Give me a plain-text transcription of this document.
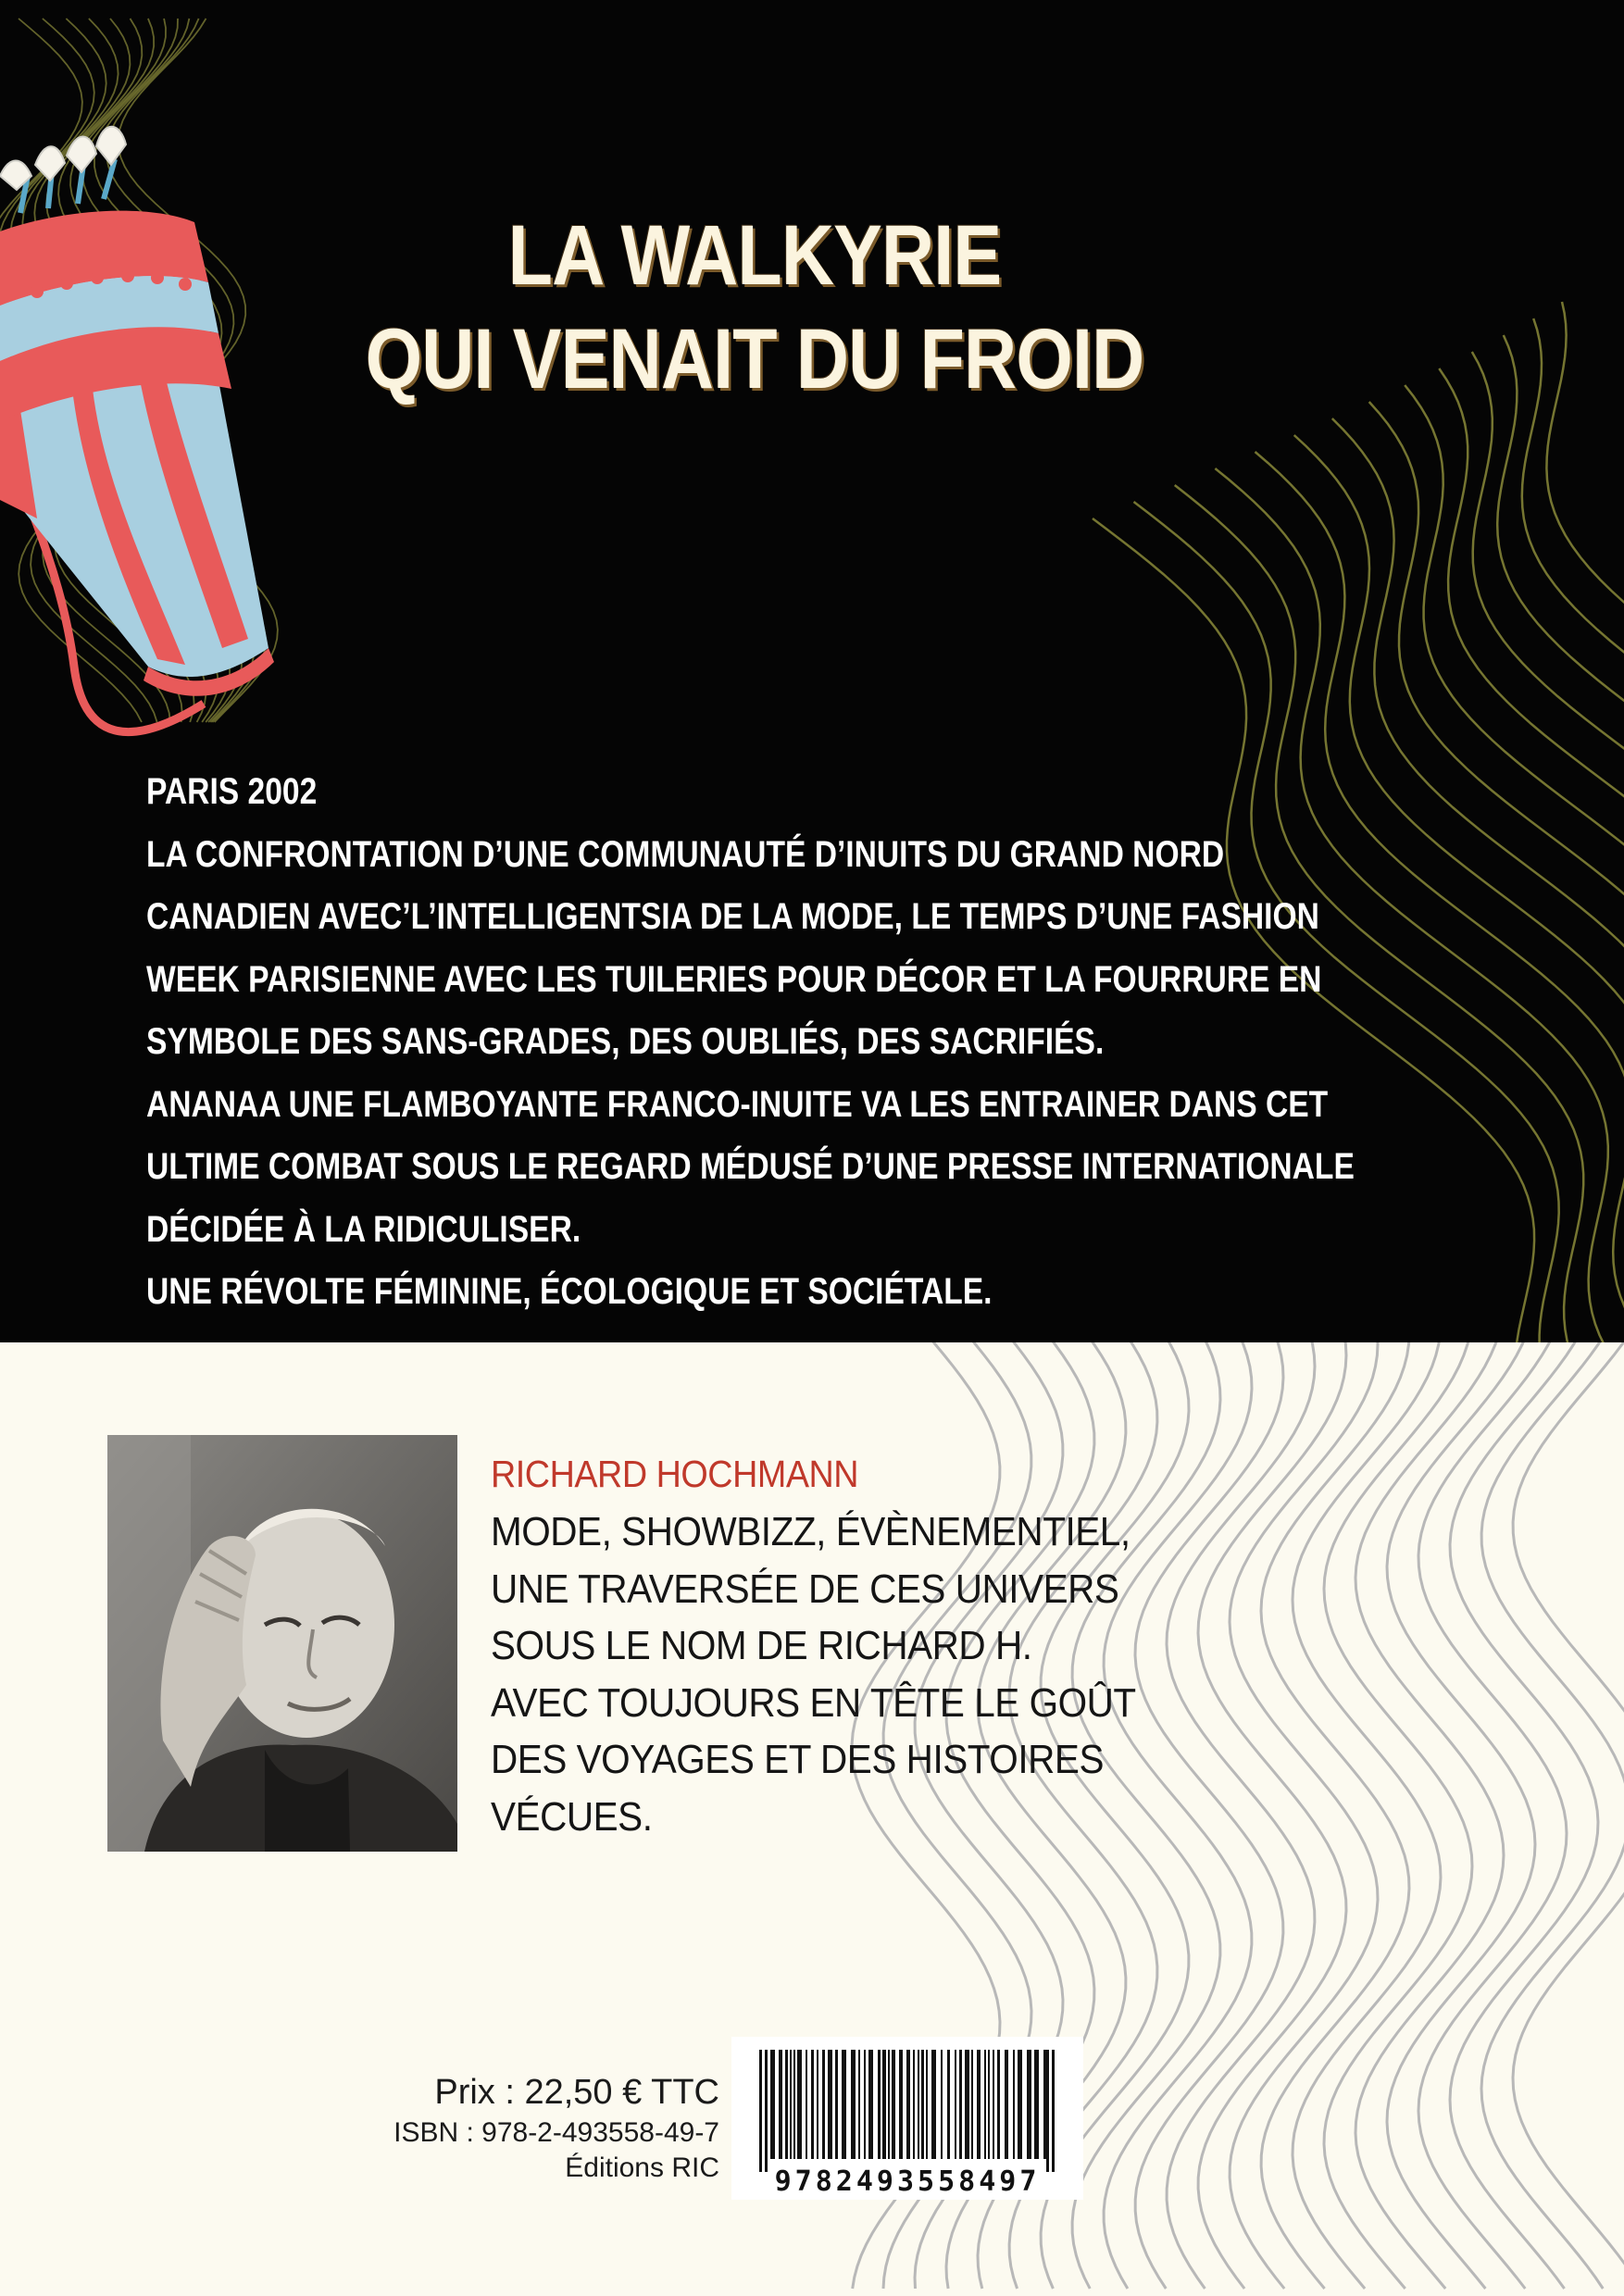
LA WALKYRIE
QUI VENAIT DU FROID
PARIS 2002
LA CONFRONTATION D’UNE COMMUNAUTÉ D’INUITS DU GRAND NORD
CANADIEN AVEC’L’INTELLIGENTSIA DE LA MODE, LE TEMPS D’UNE FASHION
WEEK PARISIENNE AVEC LES TUILERIES POUR DÉCOR ET LA FOURRURE EN
SYMBOLE DES SANS-GRADES, DES OUBLIÉS, DES SACRIFIÉS.
ANANAA UNE FLAMBOYANTE FRANCO-INUITE VA LES ENTRAINER DANS CET
ULTIME COMBAT SOUS LE REGARD MÉDUSÉ D’UNE PRESSE INTERNATIONALE
DÉCIDÉE À LA RIDICULISER.
UNE RÉVOLTE FÉMININE, ÉCOLOGIQUE ET SOCIÉTALE.
RICHARD HOCHMANN
MODE, SHOWBIZZ, ÉVÈNEMENTIEL,
UNE TRAVERSÉE DE CES UNIVERS
SOUS LE NOM DE RICHARD H.
AVEC TOUJOURS EN TÊTE LE GOÛT
DES VOYAGES ET DES HISTOIRES
VÉCUES.
Prix : 22,50 € TTC
ISBN : 978-2-493558-49-7
Éditions RIC 9782493558497
